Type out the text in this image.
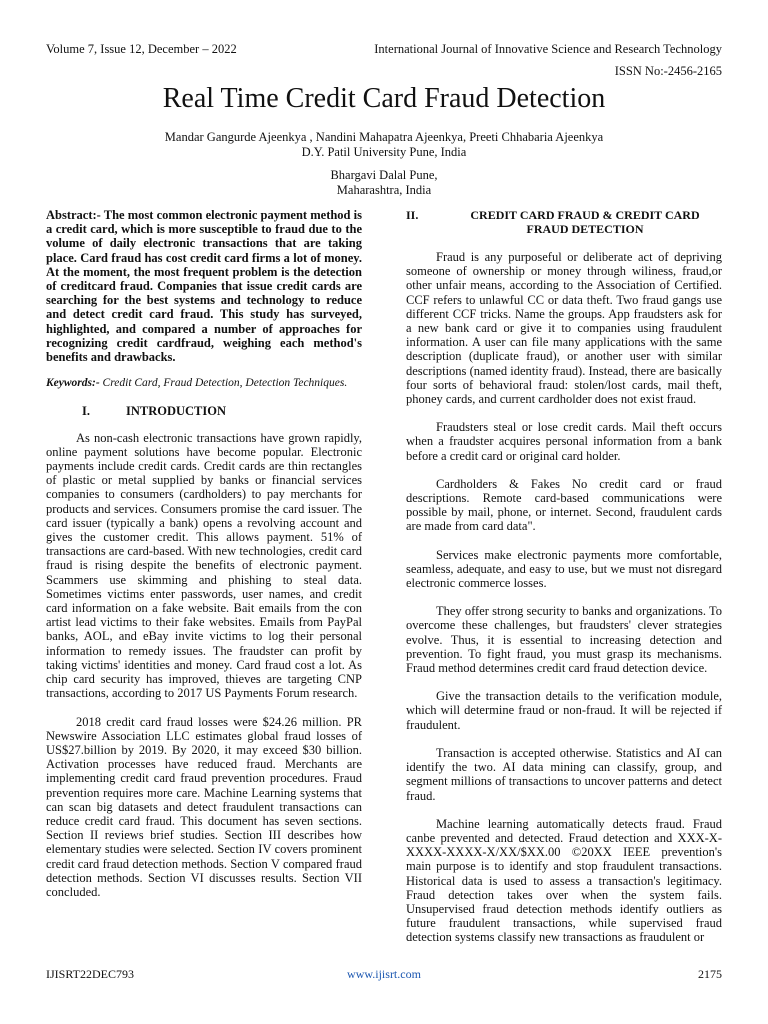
Volume 7, Issue 12, December – 2022	International Journal of Innovative Science and Research Technology
ISSN No:-2456-2165
Real Time Credit Card Fraud Detection
Mandar Gangurde Ajeenkya , Nandini Mahapatra Ajeenkya, Preeti Chhabaria Ajeenkya
D.Y. Patil University Pune, India
Bhargavi Dalal Pune,
Maharashtra, India

Abstract:- The most common electronic payment method is a credit card, which is more susceptible to fraud due to the volume of daily electronic transactions that are taking place. Card fraud has cost credit card firms a lot of money. At the moment, the most frequent problem is the detection of creditcard fraud. Companies that issue credit cards are searching for the best systems and technology to reduce and detect credit card fraud. This study has surveyed, highlighted, and compared a number of approaches for recognizing credit cardfraud, weighing each method's benefits and drawbacks.

Keywords:- Credit Card, Fraud Detection, Detection Techniques.

I.	INTRODUCTION

As non-cash electronic transactions have grown rapidly, online payment solutions have become popular. Electronic payments include credit cards. Credit cards are thin rectangles of plastic or metal supplied by banks or financial services companies to consumers (cardholders) to pay merchants for products and services. Consumers promise the card issuer. The card issuer (typically a bank) opens a revolving account and gives the customer credit. This allows payment. 51% of transactions are card-based. With new technologies, credit card fraud is rising despite the benefits of electronic payment. Scammers use skimming and phishing to steal data. Sometimes victims enter passwords, user names, and credit card information on a fake website. Bait emails from the con artist lead victims to their fake websites. Emails from PayPal banks, AOL, and eBay invite victims to log their personal information to remedy issues. The fraudster can profit by taking victims' identities and money. Card fraud cost a lot. As chip card security has improved, thieves are targeting CNP transactions, according to 2017 US Payments Forum research.

2018 credit card fraud losses were $24.26 million. PR Newswire Association LLC estimates global fraud losses of US$27.billion by 2019. By 2020, it may exceed $30 billion. Activation processes have reduced fraud. Merchants are implementing credit card fraud prevention procedures. Fraud prevention requires more care. Machine Learning systems that can scan big datasets and detect fraudulent transactions can reduce credit card fraud. This document has seven sections. Section II reviews brief studies. Section III describes how elementary studies were selected. Section IV covers prominent credit card fraud detection methods. Section V compared fraud detection methods. Section VI discusses results. Section VII concluded.

II.	CREDIT CARD FRAUD & CREDIT CARD FRAUD DETECTION

Fraud is any purposeful or deliberate act of depriving someone of ownership or money through wiliness, fraud,or other unfair means, according to the Association of Certified. CCF refers to unlawful CC or data theft. Two fraud gangs use different CCF tricks. Name the groups. App fraudsters ask for a new bank card or give it to companies using fraudulent information. A user can file many applications with the same description (duplicate fraud), or another user with similar descriptions (named identity fraud). Instead, there are basically four sorts of behavioral fraud: stolen/lost cards, mail theft, phoney cards, and current cardholder does not exist fraud.

Fraudsters steal or lose credit cards. Mail theft occurs when a fraudster acquires personal information from a bank before a credit card or original card holder.

Cardholders & Fakes No credit card or fraud descriptions. Remote card-based communications were possible by mail, phone, or internet. Second, fraudulent cards are made from card data".

Services make electronic payments more comfortable, seamless, adequate, and easy to use, but we must not disregard electronic commerce losses.

They offer strong security to banks and organizations. To overcome these challenges, but fraudsters' clever strategies evolve. Thus, it is essential to increasing detection and prevention. To fight fraud, you must grasp its mechanisms. Fraud method determines credit card fraud detection device.

Give the transaction details to the verification module, which will determine fraud or non-fraud. It will be rejected if fraudulent.

Transaction is accepted otherwise. Statistics and AI can identify the two. AI data mining can classify, group, and segment millions of transactions to uncover patterns and detect fraud.

Machine learning automatically detects fraud. Fraud canbe prevented and detected. Fraud detection and XXX-X-XXXX-XXXX-X/XX/$XX.00 ©20XX IEEE prevention's main purpose is to identify and stop fraudulent transactions. Historical data is used to assess a transaction's legitimacy. Fraud detection takes over when the system fails. Unsupervised fraud detection methods identify outliers as future fraudulent transactions, while supervised fraud detection systems classify new transactions as fraudulent or

IJISRT22DEC793	www.ijisrt.com	2175
